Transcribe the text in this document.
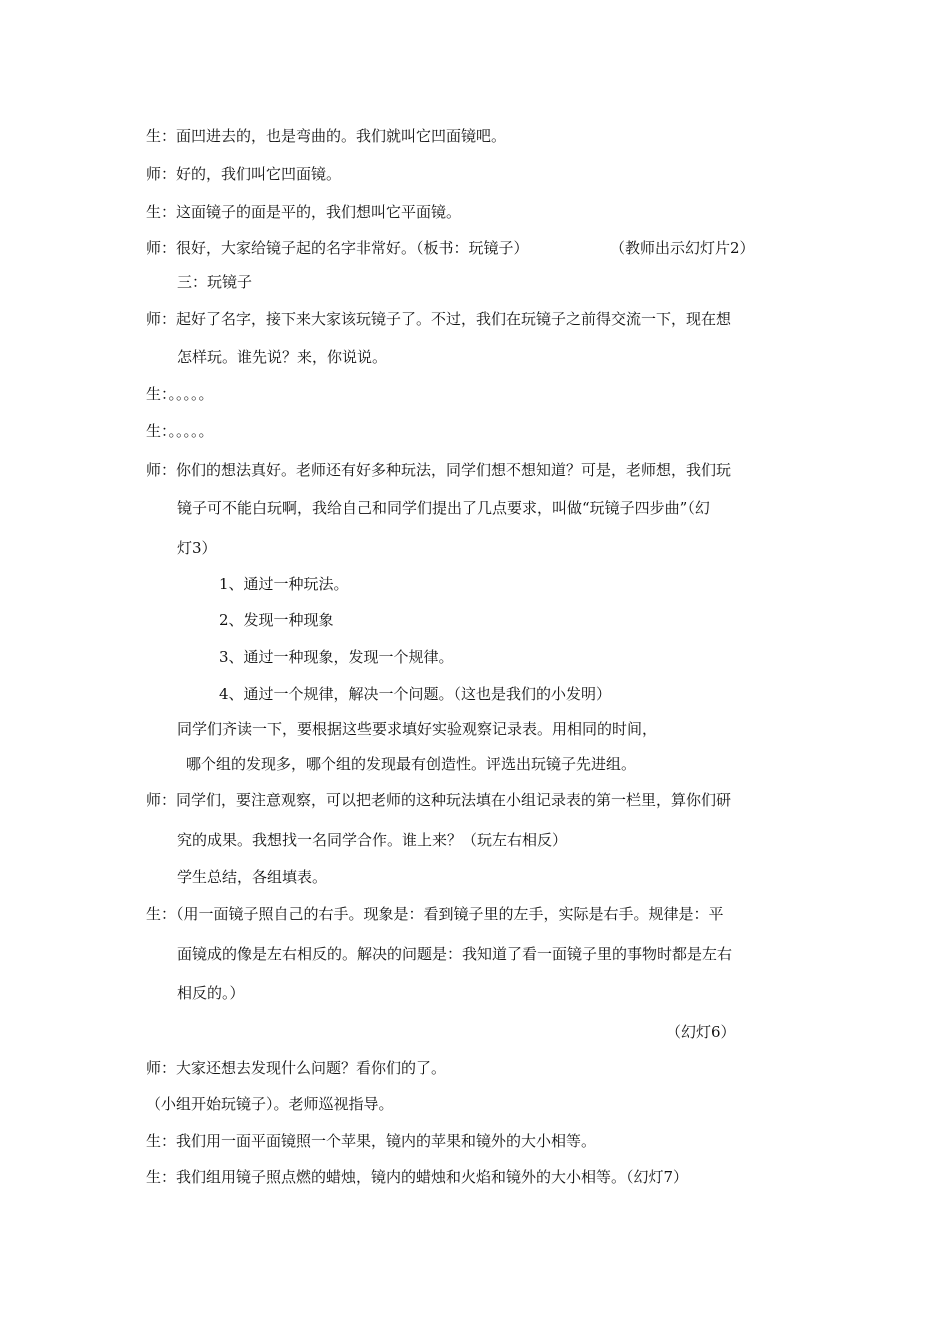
生：面凹进去的，也是弯曲的。我们就叫它凹面镜吧。
师：好的，我们叫它凹面镜。
生：这面镜子的面是平的，我们想叫它平面镜。
师：很好，大家给镜子起的名字非常好。（板书：玩镜子）	（教师出示幻灯片2）
三：玩镜子
师：起好了名字，接下来大家该玩镜子了。不过，我们在玩镜子之前得交流一下，现在想
怎样玩。谁先说？来，你说说。
生：。。。。。
生：。。。。。
师：你们的想法真好。老师还有好多种玩法，同学们想不想知道？可是，老师想，我们玩
镜子可不能白玩啊，我给自己和同学们提出了几点要求，叫做“玩镜子四步曲”（幻
灯3）
1、通过一种玩法。
2、发现一种现象
3、通过一种现象，发现一个规律。
4、通过一个规律，解决一个问题。（这也是我们的小发明）
同学们齐读一下，要根据这些要求填好实验观察记录表。用相同的时间，
哪个组的发现多，哪个组的发现最有创造性。评选出玩镜子先进组。
师：同学们，要注意观察，可以把老师的这种玩法填在小组记录表的第一栏里，算你们研
究的成果。我想找一名同学合作。谁上来？（玩左右相反）
学生总结，各组填表。
生：（用一面镜子照自己的右手。现象是：看到镜子里的左手，实际是右手。规律是：平
面镜成的像是左右相反的。解决的问题是：我知道了看一面镜子里的事物时都是左右
相反的。）
（幻灯6）
师：大家还想去发现什么问题？看你们的了。
（小组开始玩镜子）。老师巡视指导。
生：我们用一面平面镜照一个苹果，镜内的苹果和镜外的大小相等。
生：我们组用镜子照点燃的蜡烛，镜内的蜡烛和火焰和镜外的大小相等。（幻灯7）
